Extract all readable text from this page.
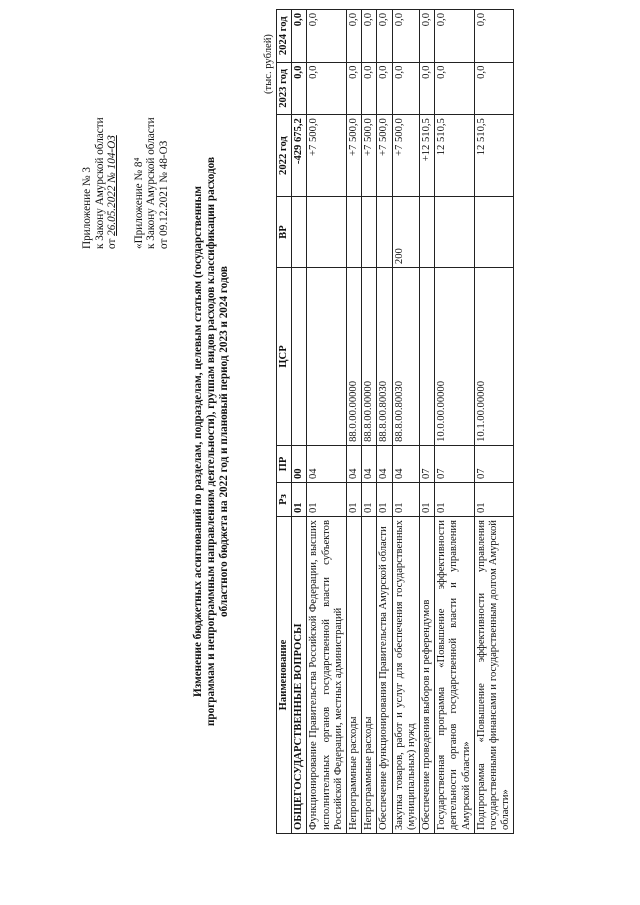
Приложение № 3 к Закону Амурской области от 26.05.2022 № 104-ОЗ «Приложение № 8⁴ к Закону Амурской области от 09.12.2021 № 48-ОЗ Изменение бюджетных ассигнований по разделам, подразделам, целевым статьям (государственным программам и непрограммным направлениям деятельности), группам видов расходов классификации расходов областного бюджета на 2022 год и плановый период 2023 и 2024 годов
(тыс. рублей)
Наименование	Рз	ПР	ЦСР	ВР	2022 год	2023 год	2024 год
ОБЩЕГОСУДАРСТВЕННЫЕ ВОПРОСЫ	01	00			-429 675,2	0,0	0,0
Функционирование Правительства Российской Федерации, высших исполнительных органов государственной власти субъектов Российской Федерации, местных администраций	01	04			+7 500,0	0,0	0,0
Непрограммные расходы	01	04	88.0.00.00000		+7 500,0	0,0	0,0
Непрограммные расходы	01	04	88.8.00.00000		+7 500,0	0,0	0,0
Обеспечение функционирования Правительства Амурской области	01	04	88.8.00.80030		+7 500,0	0,0	0,0
Закупка товаров, работ и услуг для обеспечения государственных (муниципальных) нужд	01	04	88.8.00.80030	200	+7 500,0	0,0	0,0
Обеспечение проведения выборов и референдумов	01	07			+12 510,5	0,0	0,0
Государственная программа «Повышение эффективности деятельности органов государственной власти и управления Амурской области»	01	07	10.0.00.00000		12 510,5	0,0	0,0
Подпрограмма «Повышение эффективности управления государственными финансами и государственным долгом Амурской области»	01	07	10.1.00.00000		12 510,5	0,0	0,0
